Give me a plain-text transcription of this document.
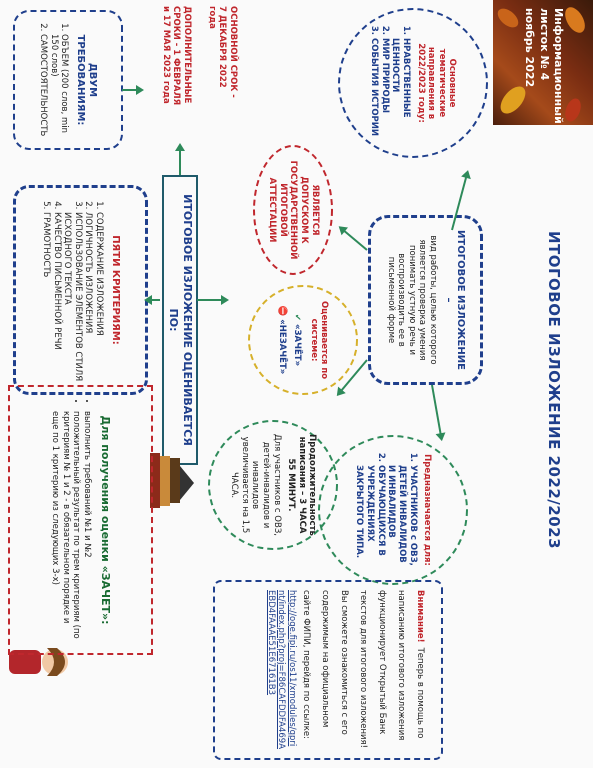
Информационный
листок № 4
ноябрь 2022
ИТОГОВОЕ ИЗЛОЖЕНИЕ 2022/2023
Основные тематические направления в 2022/2023 году:
1. НРАВСТВЕННЫЕ ЦЕННОСТИ
2. МИР ПРИРОДЫ
3. СОБЫТИЯ ИСТОРИИ
ИТОГОВОЕ ИЗЛОЖЕНИЕ –
вид работы, целью которого является проверка умения понимать устную речь и воспроизводить ее в письменной форме
ЯВЛЯЕТСЯ ДОПУСКОМ К ГОСУДАРСТВЕННОЙ ИТОГОВОЙ АТТЕСТАЦИИ
ОСНОВНОЙ СРОК - 7 ДЕКАБРЯ 2022 года
ДОПОЛНИТЕЛЬНЫЕ СРОКИ - 1 ФЕВРАЛЯ и 17 МАЯ 2023 года
ДВУМ ТРЕБОВАНИЯМ:
1. ОБЪЕМ (200 слов, min 150 слов)
2. САМОСТОЯТЕЛЬНОСТЬ
ИТОГОВОЕ ИЗЛОЖЕНИЕ ОЦЕНИВАЕТСЯ ПО:
ПЯТИ КРИТЕРИЯМ:
1. СОДЕРЖАНИЕ ИЗЛОЖЕНИЯ
2. ЛОГИЧНОСТЬ ИЗЛОЖЕНИЯ
3. ИСПОЛЬЗОВАНИЕ ЭЛЕМЕНТОВ СТИЛЯ ИСХОДНОГО ТЕКСТА
4. КАЧЕСТВО ПИСЬМЕННОЙ РЕЧИ
5. ГРАМОТНОСТЬ
Оценивается по системе:
✔ «ЗАЧЁТ»
⛔ «НЕЗАЧЁТ»
Предназначается для:
1. УЧАСТНИКОВ с ОВЗ, ДЕТЕЙ ИНВАЛИДОВ И ИНВАЛИДОВ
2. ОБУЧАЮЩИХСЯ В УЧРЕЖДЕНИЯХ ЗАКРЫТОГО ТИПА.
Продолжительность написания – 3 ЧАСА 55 МИНУТ.
Для участников с ОВЗ, детей-инвалидов и инвалидов увеличивается на 1,5 ЧАСА.
Для получения оценки «ЗАЧЕТ»:
• выполнить требований №1 и №2
• положительный результат по трем критериям (по критериям № 1 и 2 - в обязательном порядке и еще по 1 критерию из следующих 3-х)
Внимание! Теперь в помощь по написанию итогового изложения функционирует Открытый Банк текстов для итогового изложения! Вы сможете ознакомиться с его содержимым на официальном сайте ФИПИ, перейдя по ссылке:
http://oge.fipi.ru/os11/xmodules/qprint/index.php?proj=F86CAFDDFA469AEBD4FAAAE51E67161B3
